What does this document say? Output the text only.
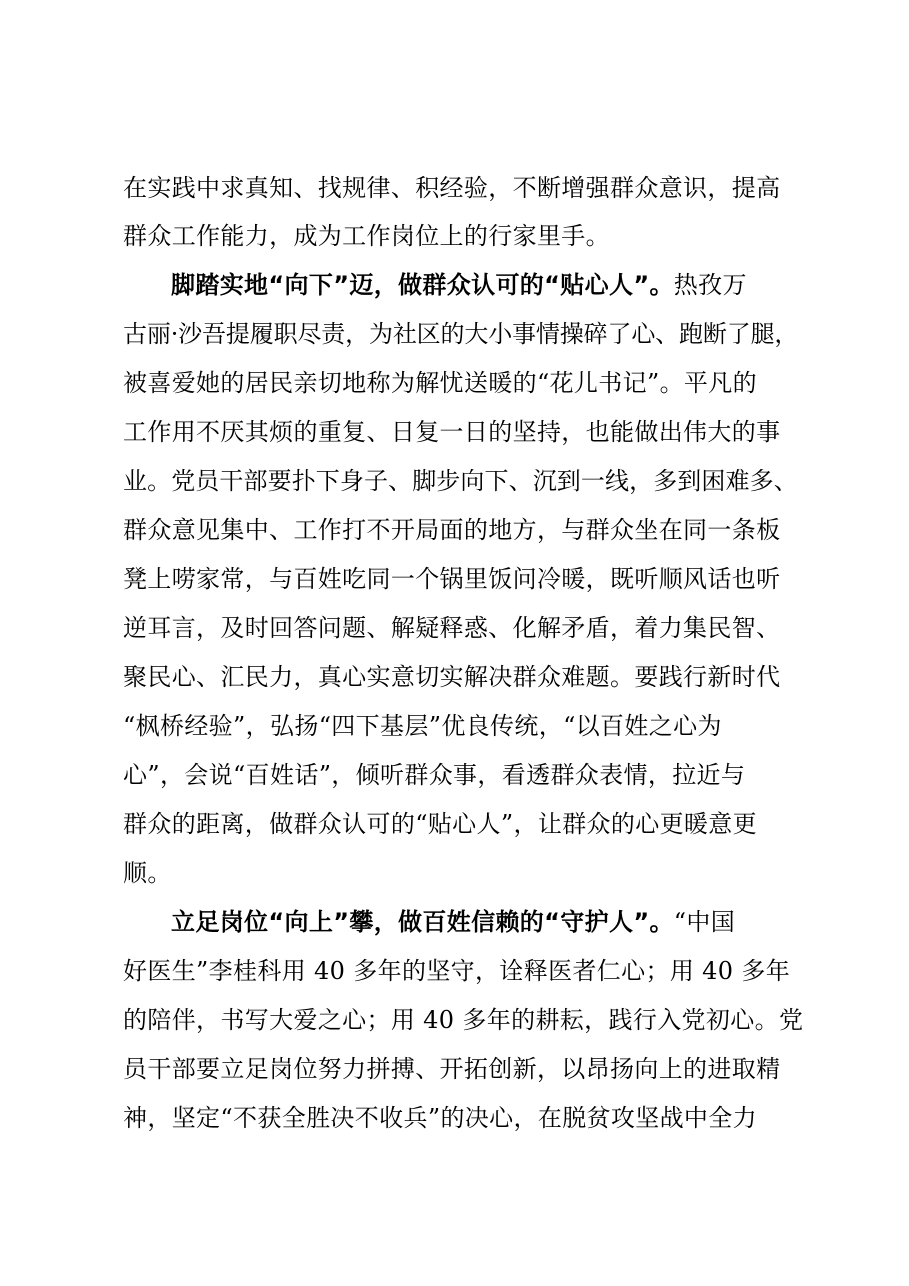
在实践中求真知、找规律、积经验，不断增强群众意识，提高
群众工作能力，成为工作岗位上的行家里手。
脚踏实地“向下”迈，做群众认可的“贴心人”。热孜万
古丽·沙吾提履职尽责，为社区的大小事情操碎了心、跑断了腿，
被喜爱她的居民亲切地称为解忧送暖的“花儿书记”。平凡的
工作用不厌其烦的重复、日复一日的坚持，也能做出伟大的事
业。党员干部要扑下身子、脚步向下、沉到一线，多到困难多、
群众意见集中、工作打不开局面的地方，与群众坐在同一条板
凳上唠家常，与百姓吃同一个锅里饭问冷暖，既听顺风话也听
逆耳言，及时回答问题、解疑释惑、化解矛盾，着力集民智、
聚民心、汇民力，真心实意切实解决群众难题。要践行新时代
“枫桥经验”，弘扬“四下基层”优良传统，“以百姓之心为
心”，会说“百姓话”，倾听群众事，看透群众表情，拉近与
群众的距离，做群众认可的“贴心人”，让群众的心更暖意更
顺。
立足岗位“向上”攀，做百姓信赖的“守护人”。“中国
好医生”李桂科用 40 多年的坚守，诠释医者仁心；用 40 多年
的陪伴，书写大爱之心；用 40 多年的耕耘，践行入党初心。党
员干部要立足岗位努力拼搏、开拓创新，以昂扬向上的进取精
神，坚定“不获全胜决不收兵”的决心，在脱贫攻坚战中全力
